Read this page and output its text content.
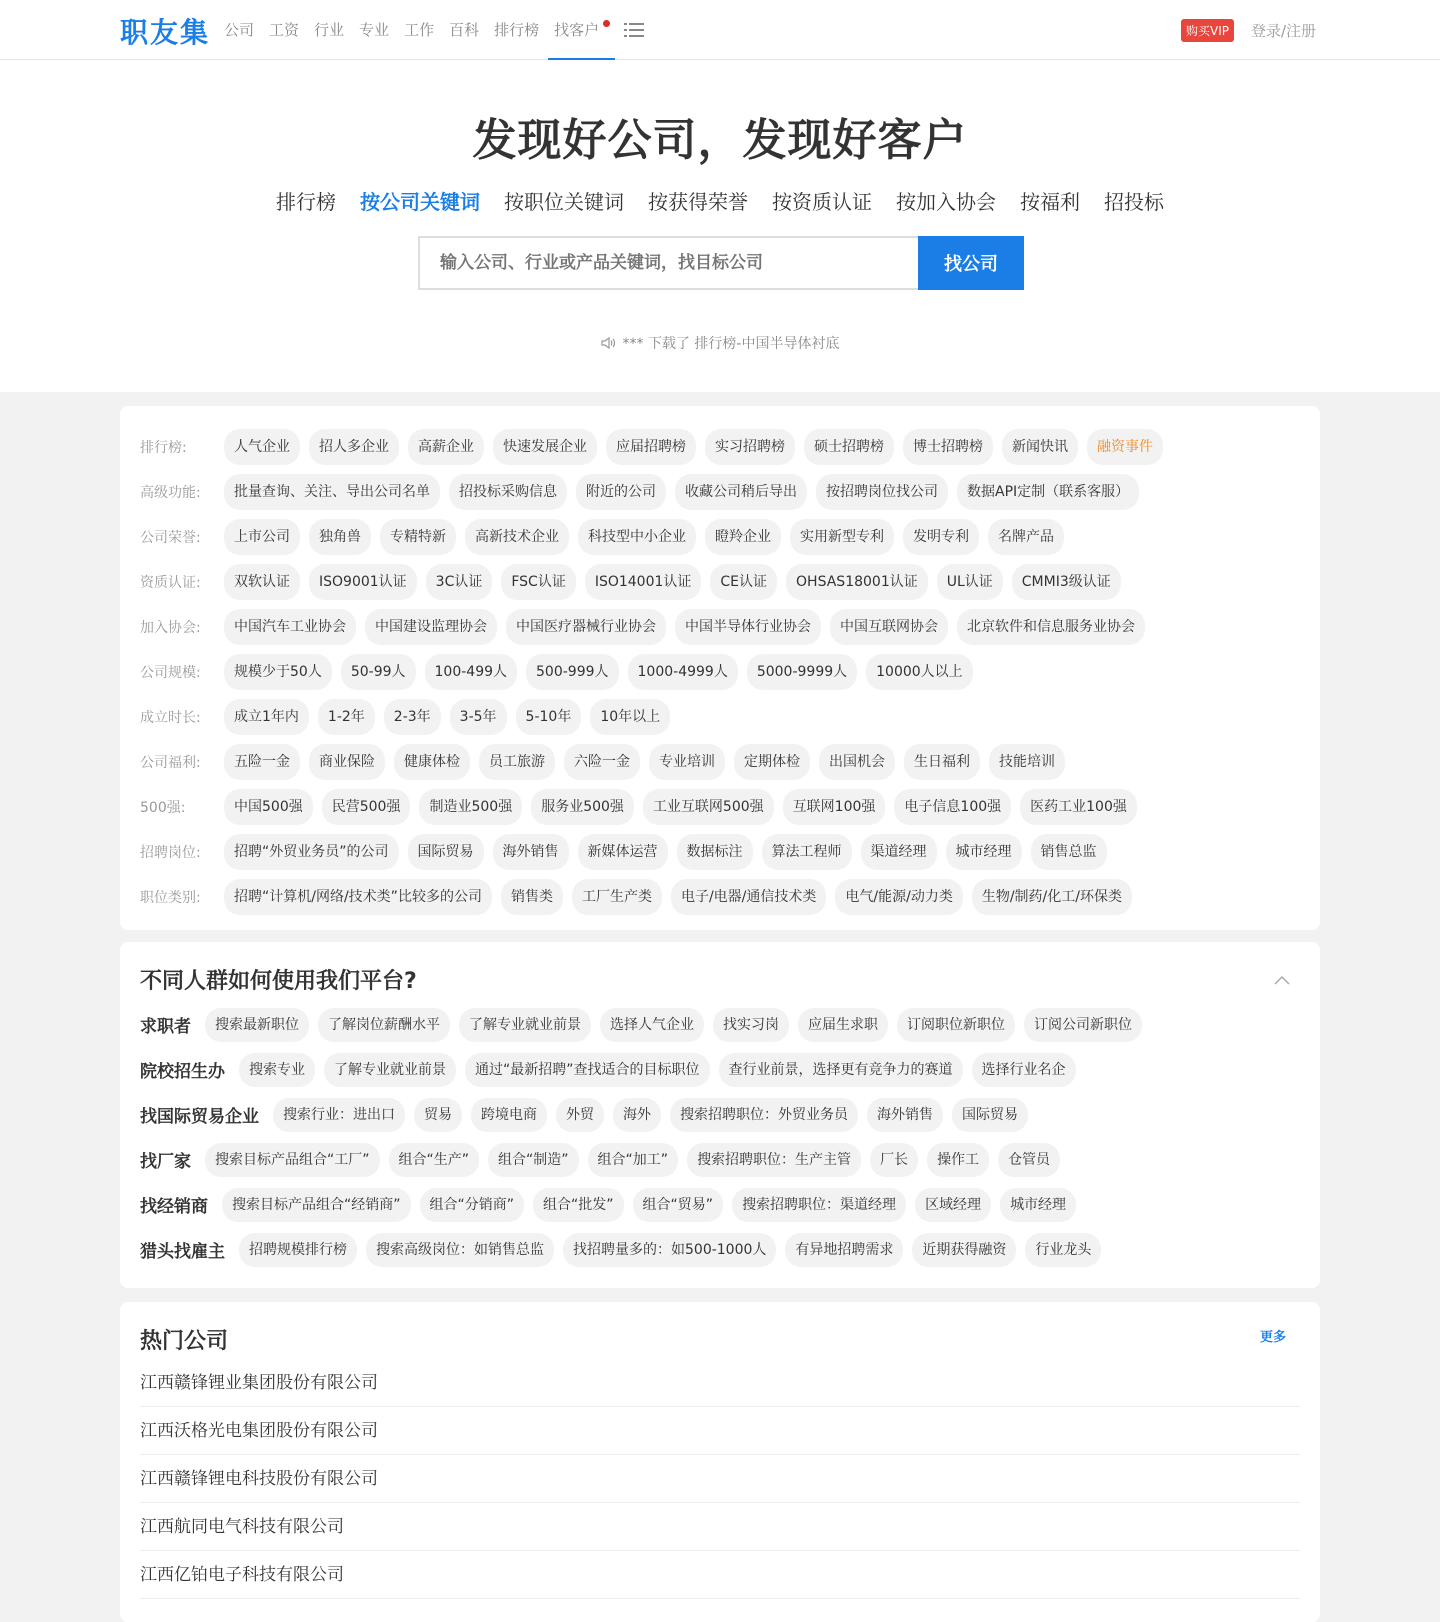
职友集 公司 工资 行业 专业 工作 百科 排行榜 找客户	购买VIP	登录/注册
发现好公司，发现好客户
排行榜 按公司关键词 按职位关键词 按获得荣誉 按资质认证 按加入协会 按福利 招投标
输入公司、行业或产品关键词，找目标公司
找公司
*** 下载了 排行榜-中国半导体衬底
排行榜:	人气企业	招人多企业	高薪企业	快速发展企业	应届招聘榜	实习招聘榜	硕士招聘榜	博士招聘榜	新闻快讯	融资事件
高级功能:	批量查询、关注、导出公司名单	招投标采购信息	附近的公司	收藏公司稍后导出	按招聘岗位找公司	数据API定制（联系客服）
公司荣誉:	上市公司	独角兽	专精特新	高新技术企业	科技型中小企业	瞪羚企业	实用新型专利	发明专利	名牌产品
资质认证:	双软认证	ISO9001认证	3C认证	FSC认证	ISO14001认证	CE认证	OHSAS18001认证	UL认证	CMMI3级认证
加入协会:	中国汽车工业协会	中国建设监理协会	中国医疗器械行业协会	中国半导体行业协会	中国互联网协会	北京软件和信息服务业协会
公司规模:	规模少于50人	50-99人	100-499人	500-999人	1000-4999人	5000-9999人	10000人以上
成立时长:	成立1年内	1-2年	2-3年	3-5年	5-10年	10年以上
公司福利:	五险一金	商业保险	健康体检	员工旅游	六险一金	专业培训	定期体检	出国机会	生日福利	技能培训
500强:	中国500强	民营500强	制造业500强	服务业500强	工业互联网500强	互联网100强	电子信息100强	医药工业100强
招聘岗位:	招聘“外贸业务员”的公司	国际贸易	海外销售	新媒体运营	数据标注	算法工程师	渠道经理	城市经理	销售总监
职位类别:	招聘“计算机/网络/技术类”比较多的公司	销售类	工厂生产类	电子/电器/通信技术类	电气/能源/动力类	生物/制药/化工/环保类
不同人群如何使用我们平台?
求职者	搜索最新职位	了解岗位薪酬水平	了解专业就业前景	选择人气企业	找实习岗	应届生求职	订阅职位新职位	订阅公司新职位
院校招生办	搜索专业	了解专业就业前景	通过“最新招聘”查找适合的目标职位	查行业前景，选择更有竞争力的赛道	选择行业名企
找国际贸易企业	搜索行业：进出口	贸易	跨境电商	外贸	海外	搜索招聘职位：外贸业务员	海外销售	国际贸易
找厂家	搜索目标产品组合“工厂”	组合“生产”	组合“制造”	组合“加工”	搜索招聘职位：生产主管	厂长	操作工	仓管员
找经销商	搜索目标产品组合“经销商”	组合“分销商”	组合“批发”	组合“贸易”	搜索招聘职位：渠道经理	区域经理	城市经理
猎头找雇主	招聘规模排行榜	搜索高级岗位：如销售总监	找招聘量多的：如500-1000人	有异地招聘需求	近期获得融资	行业龙头
热门公司	更多
江西赣锋锂业集团股份有限公司
江西沃格光电集团股份有限公司
江西赣锋锂电科技股份有限公司
江西航同电气科技有限公司
江西亿铂电子科技有限公司
